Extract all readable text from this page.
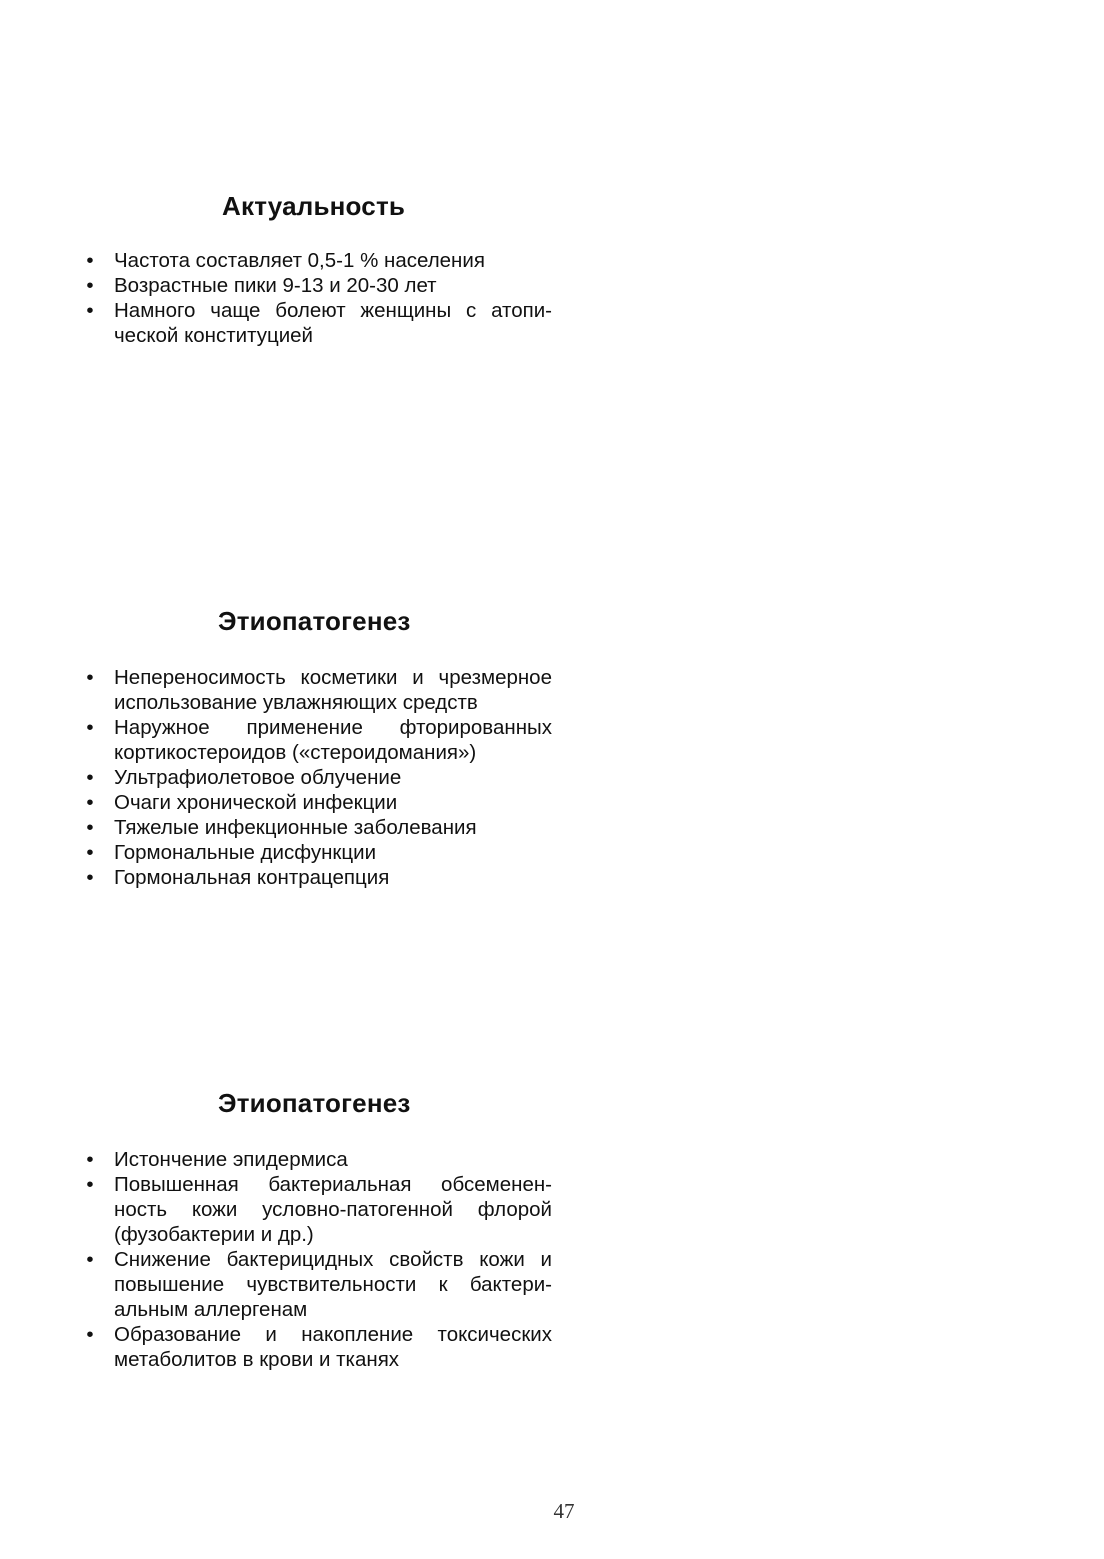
Актуальность
• Частота составляет 0,5-1 % населения
• Возрастные пики 9-13 и 20-30 лет
• Намного чаще болеют женщины с атопи-ческой конституцией
Этиопатогенез
• Непереносимость косметики и чрезмерное использование увлажняющих средств
• Наружное применение фторированных кортикостероидов («стероидомания»)
• Ультрафиолетовое облучение
• Очаги хронической инфекции
• Тяжелые инфекционные заболевания
• Гормональные дисфункции
• Гормональная контрацепция
Этиопатогенез
• Истончение эпидермиса
• Повышенная бактериальная обсеменен-ность кожи условно-патогенной флорой (фузобактерии и др.)
• Снижение бактерицидных свойств кожи и повышение чувствительности к бактери-альным аллергенам
• Образование и накопление токсических метаболитов в крови и тканях
47
